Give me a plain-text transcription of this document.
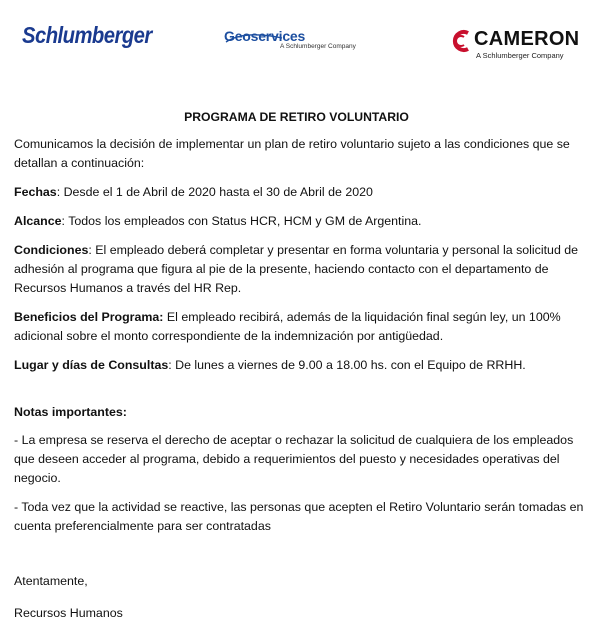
Schlumberger	Geoservices
A Schlumberger Company	CAMERON
A Schlumberger Company
PROGRAMA DE RETIRO VOLUNTARIO
Comunicamos la decisión de implementar un plan de retiro voluntario sujeto a las condiciones que se detallan a continuación:
Fechas: Desde el 1 de Abril de 2020 hasta el 30 de Abril de 2020
Alcance: Todos los empleados con Status HCR, HCM y GM de Argentina.
Condiciones: El empleado deberá completar y presentar en forma voluntaria y personal la solicitud de adhesión al programa que figura al pie de la presente, haciendo contacto con el departamento de Recursos Humanos a través del HR Rep.
Beneficios del Programa: El empleado recibirá, además de la liquidación final según ley, un 100% adicional sobre el monto correspondiente de la indemnización por antigüedad.
Lugar y días de Consultas: De lunes a viernes de 9.00 a 18.00 hs. con el Equipo de RRHH.
Notas importantes:
- La empresa se reserva el derecho de aceptar o rechazar la solicitud de cualquiera de los empleados que deseen acceder al programa, debido a requerimientos del puesto y necesidades operativas del negocio.
- Toda vez que la actividad se reactive, las personas que acepten el Retiro Voluntario serán tomadas en cuenta preferencialmente para ser contratadas
Atentamente,
Recursos Humanos
